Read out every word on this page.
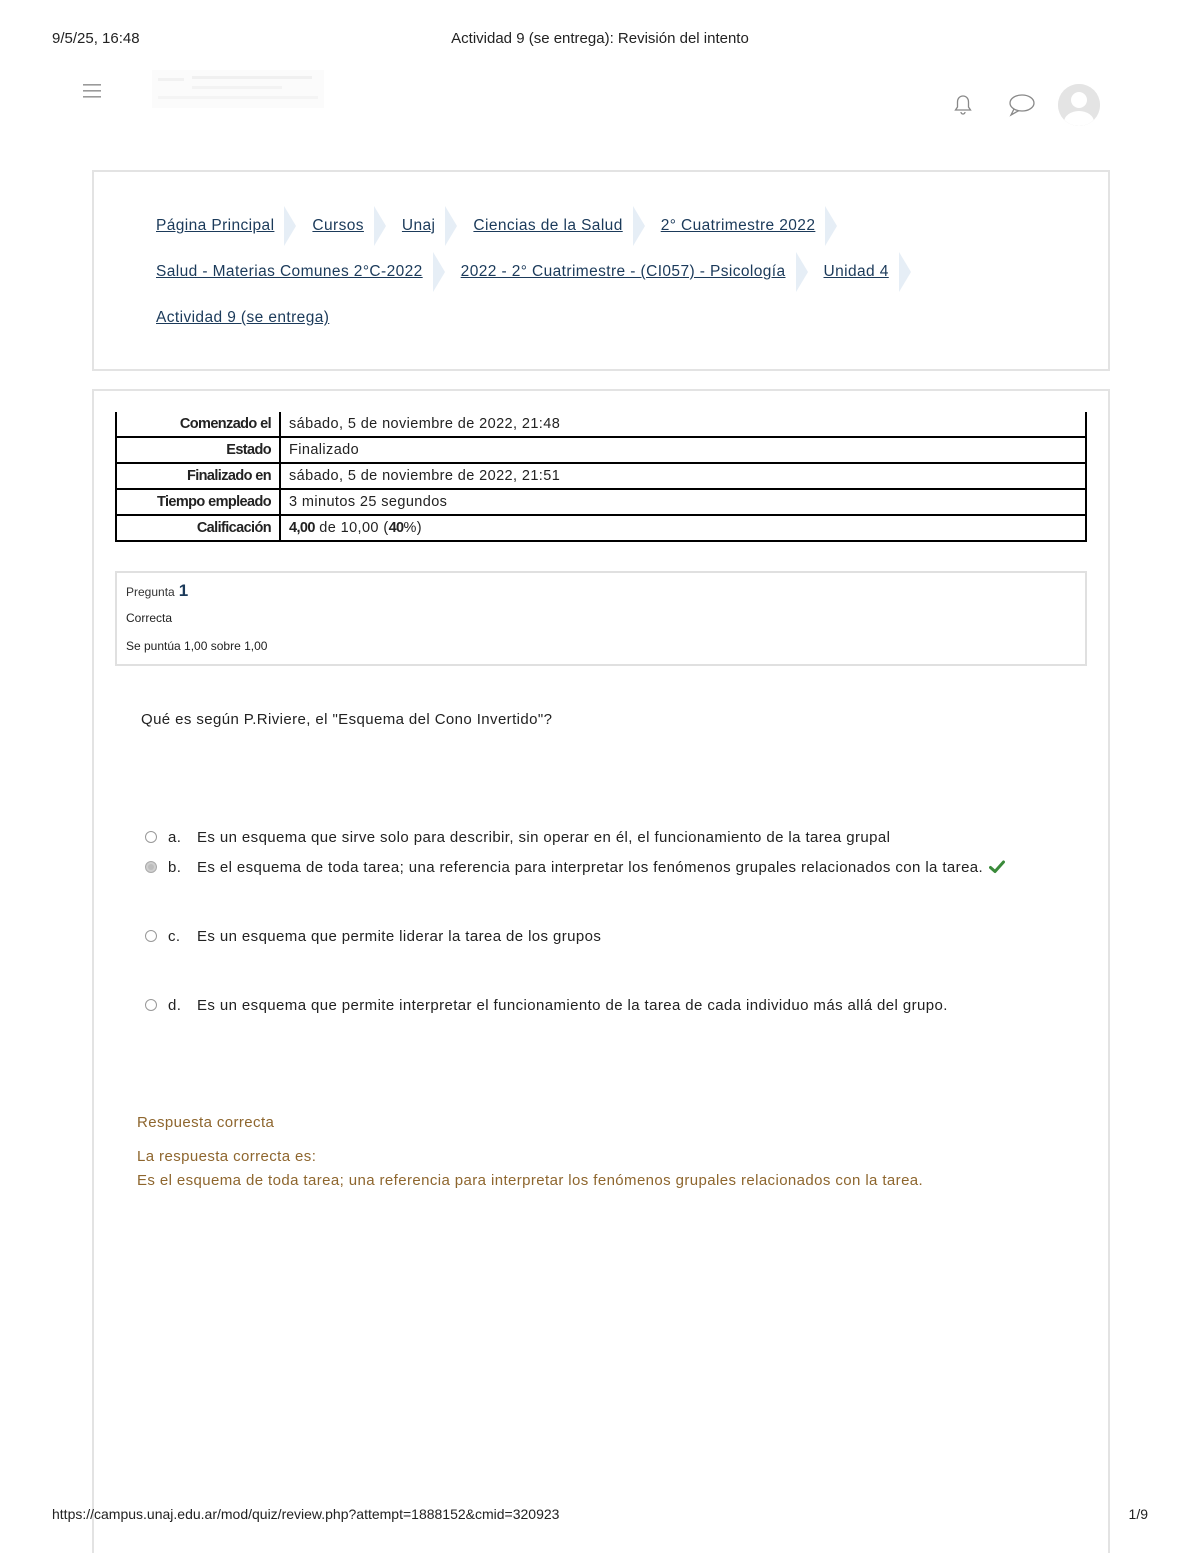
9/5/25, 16:48	Actividad 9 (se entrega): Revisión del intento
Página Principal Cursos Unaj Ciencias de la Salud 2° Cuatrimestre 2022
Salud - Materias Comunes 2°C-2022 2022 - 2° Cuatrimestre - (CI057) - Psicología Unidad 4
Actividad 9 (se entrega)
Comenzado el	sábado, 5 de noviembre de 2022, 21:48
Estado	Finalizado
Finalizado en	sábado, 5 de noviembre de 2022, 21:51
Tiempo empleado	3 minutos 25 segundos
Calificación	4,00 de 10,00 (40%)
Pregunta 1
Correcta
Se puntúa 1,00 sobre 1,00
Qué es según P.Riviere, el "Esquema del Cono Invertido"?
a.	Es un esquema que sirve solo para describir, sin operar en él, el funcionamiento de la tarea grupal
b.	Es el esquema de toda tarea; una referencia para interpretar los fenómenos grupales relacionados con la tarea.
c.	Es un esquema que permite liderar la tarea de los grupos
d.	Es un esquema que permite interpretar el funcionamiento de la tarea de cada individuo más allá del grupo.
Respuesta correcta
La respuesta correcta es:
Es el esquema de toda tarea; una referencia para interpretar los fenómenos grupales relacionados con la tarea.
https://campus.unaj.edu.ar/mod/quiz/review.php?attempt=1888152&cmid=320923	1/9
